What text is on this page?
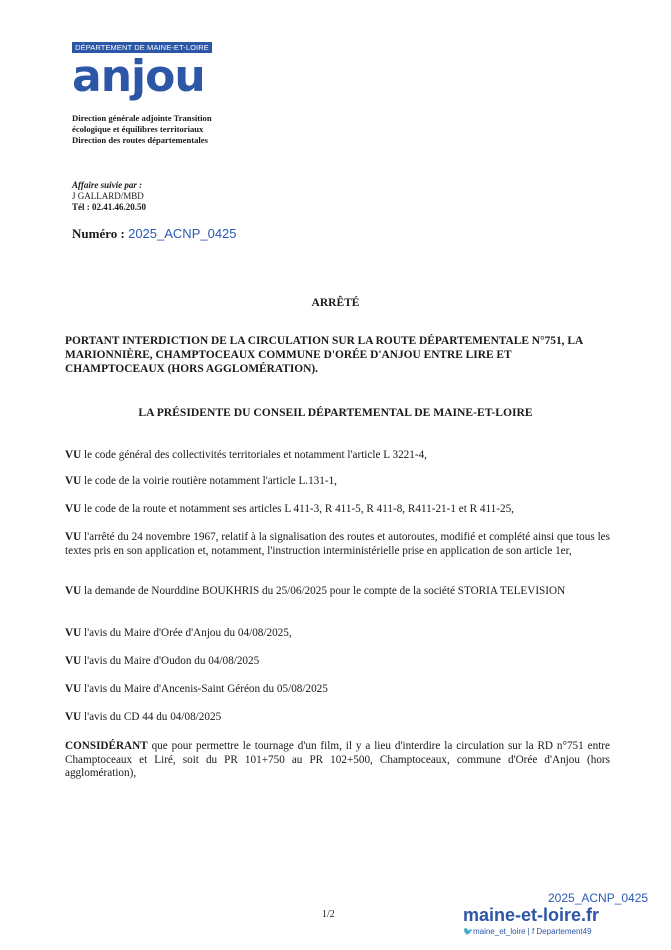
DÉPARTEMENT DE MAINE-ET-LOIRE
anjou
Direction générale adjointe Transition
écologique et équilibres territoriaux
Direction des routes départementales
Affaire suivie par :
J GALLARD/MBD
Tél : 02.41.46.20.50
Numéro : 2025_ACNP_0425
ARRÊTÉ
PORTANT INTERDICTION DE LA CIRCULATION SUR LA ROUTE DÉPARTEMENTALE N°751, LA MARIONNIÈRE, CHAMPTOCEAUX COMMUNE D'ORÉE D'ANJOU ENTRE LIRE ET CHAMPTOCEAUX (HORS AGGLOMÉRATION).
LA PRÉSIDENTE DU CONSEIL DÉPARTEMENTAL DE MAINE-ET-LOIRE
VU le code général des collectivités territoriales et notamment l'article L 3221-4,
VU le code de la voirie routière notamment l'article L.131-1,
VU le code de la route et notamment ses articles L 411-3, R 411-5, R 411-8, R411-21-1 et R 411-25,
VU l'arrêté du 24 novembre 1967, relatif à la signalisation des routes et autoroutes, modifié et complété ainsi que tous les textes pris en son application et, notamment, l'instruction interministérielle prise en application de son article 1er,
VU la demande de Nourddine BOUKHRIS du 25/06/2025 pour le compte de la société STORIA TELEVISION
VU l'avis du Maire d'Orée d'Anjou du 04/08/2025,
VU l'avis du Maire d'Oudon du 04/08/2025
VU l'avis du Maire d'Ancenis-Saint Géréon du 05/08/2025
VU l'avis du CD 44 du 04/08/2025
CONSIDÉRANT que pour permettre le tournage d'un film, il y a lieu d'interdire la circulation sur la RD n°751 entre Champtoceaux et Liré, soit du PR 101+750 au PR 102+500, Champtoceaux, commune d'Orée d'Anjou (hors agglomération),
2025_ACNP_0425
1/2	maine-et-loire.fr
🐦maine_et_loire | f Departement49
